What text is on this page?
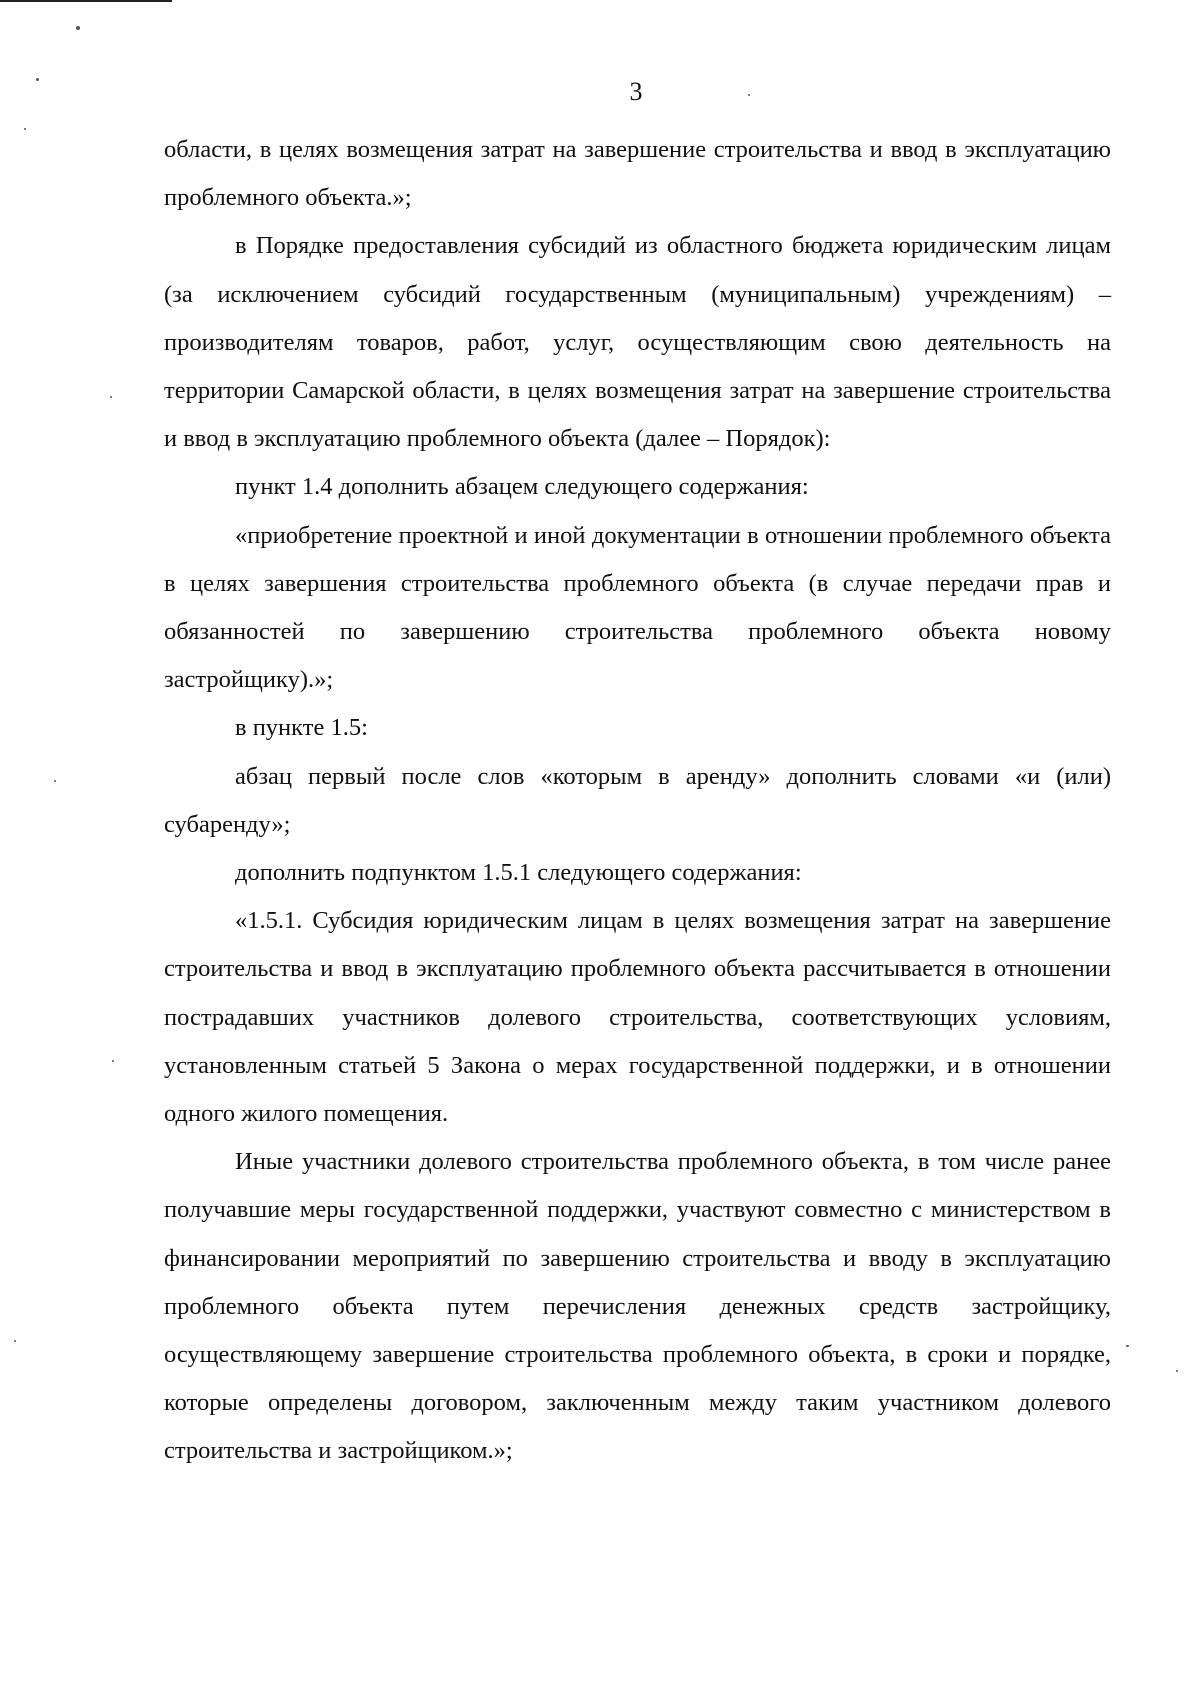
3

области, в целях возмещения затрат на завершение строительства и ввод в эксплуатацию проблемного объекта.»;

в Порядке предоставления субсидий из областного бюджета юридическим лицам (за исключением субсидий государственным (муниципальным) учреждениям) – производителям товаров, работ, услуг, осуществляющим свою деятельность на территории Самарской области, в целях возмещения затрат на завершение строительства и ввод в эксплуатацию проблемного объекта (далее – Порядок):

пункт 1.4 дополнить абзацем следующего содержания:

«приобретение проектной и иной документации в отношении проблемного объекта в целях завершения строительства проблемного объекта (в случае передачи прав и обязанностей по завершению строительства проблемного объекта новому застройщику).»;

в пункте 1.5:

абзац первый после слов «которым в аренду» дополнить словами «и (или) субаренду»;

дополнить подпунктом 1.5.1 следующего содержания:

«1.5.1. Субсидия юридическим лицам в целях возмещения затрат на завершение строительства и ввод в эксплуатацию проблемного объекта рассчитывается в отношении пострадавших участников долевого строительства, соответствующих условиям, установленным статьей 5 Закона о мерах государственной поддержки, и в отношении одного жилого помещения.

Иные участники долевого строительства проблемного объекта, в том числе ранее получавшие меры государственной поддержки, участвуют совместно с министерством в финансировании мероприятий по завершению строительства и вводу в эксплуатацию проблемного объекта путем перечисления денежных средств застройщику, осуществляющему завершение строительства проблемного объекта, в сроки и порядке, которые определены договором, заключенным между таким участником долевого строительства и застройщиком.»;
